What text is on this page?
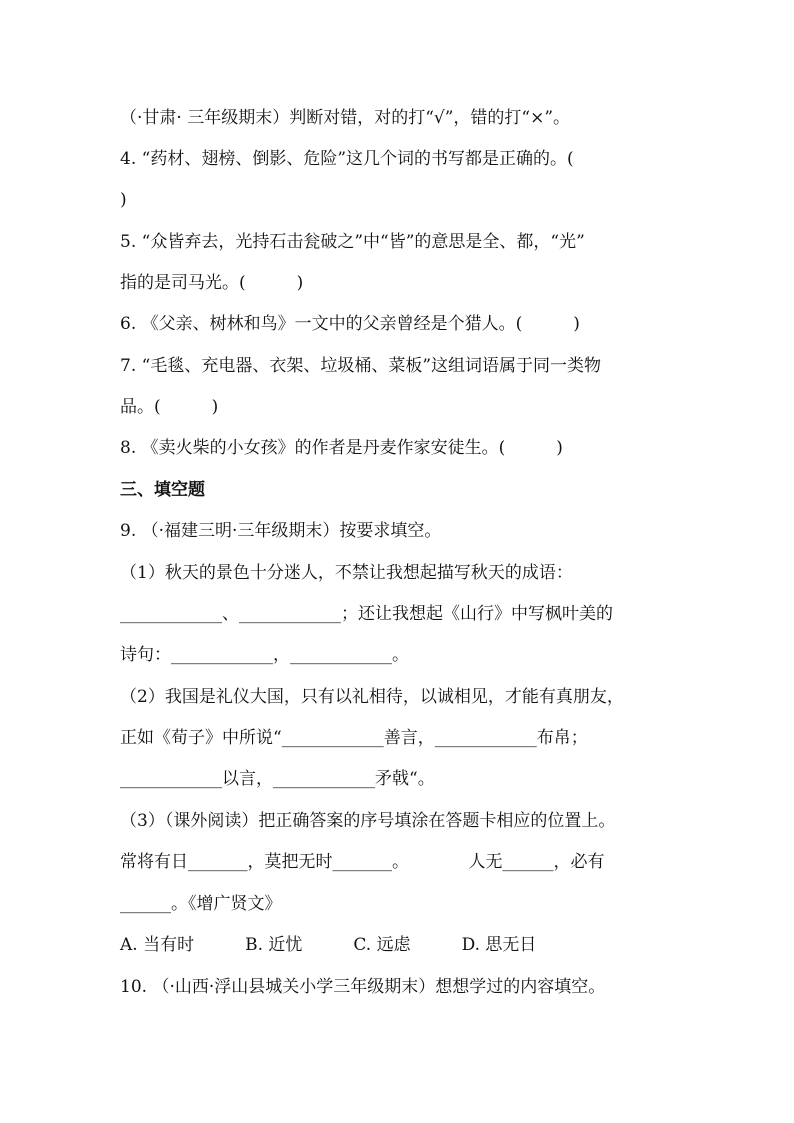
（·甘肃· 三年级期末）判断对错，对的打“√”，错的打“×”。
4. “药材、翅榜、倒影、危险”这几个词的书写都是正确的。(
)
5. “众皆弃去，光持石击瓮破之”中“皆”的意思是全、都，“光”
指的是司马光。(　　　)
6. 《父亲、树林和鸟》一文中的父亲曾经是个猎人。(　　　)
7. “毛毯、充电器、衣架、垃圾桶、菜板”这组词语属于同一类物
品。(　　　)
8. 《卖火柴的小女孩》的作者是丹麦作家安徒生。(　　　)
三、填空题
9. （·福建三明·三年级期末）按要求填空。
（1）秋天的景色十分迷人，不禁让我想起描写秋天的成语：
____________、____________；还让我想起《山行》中写枫叶美的
诗句：____________，____________。
（2）我国是礼仪大国，只有以礼相待，以诚相见，才能有真朋友，
正如《荀子》中所说“____________善言，____________布帛；
____________以言，____________矛戟“。
（3）（课外阅读）把正确答案的序号填涂在答题卡相应的位置上。
常将有日_______，莫把无时_______。　　　　人无______，必有
______。《增广贤文》
A. 当有时　　　B. 近忧　　　C. 远虑　　　D. 思无日
10. （·山西·浮山县城关小学三年级期末）想想学过的内容填空。
